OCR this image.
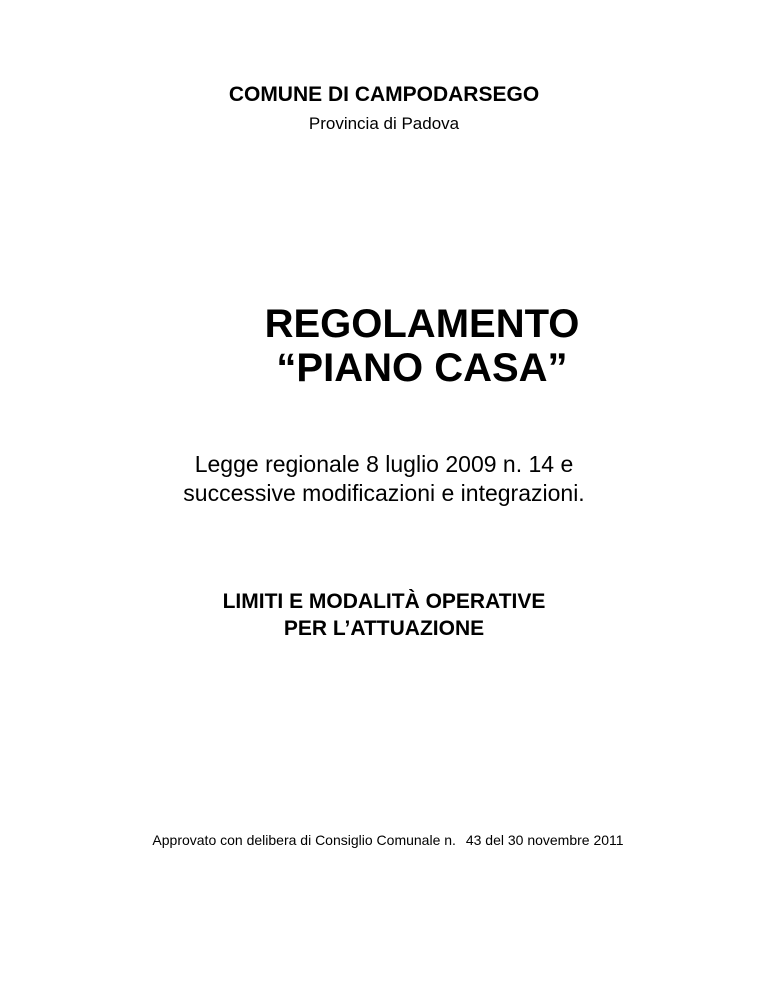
COMUNE DI CAMPODARSEGO

Provincia di Padova

REGOLAMENTO

“PIANO CASA”

Legge regionale 8 luglio 2009 n. 14 e

successive modificazioni e integrazioni.

LIMITI E MODALITÀ OPERATIVE

PER L’ATTUAZIONE

Approvato con delibera di Consiglio Comunale n. 43 del 30 novembre 2011
